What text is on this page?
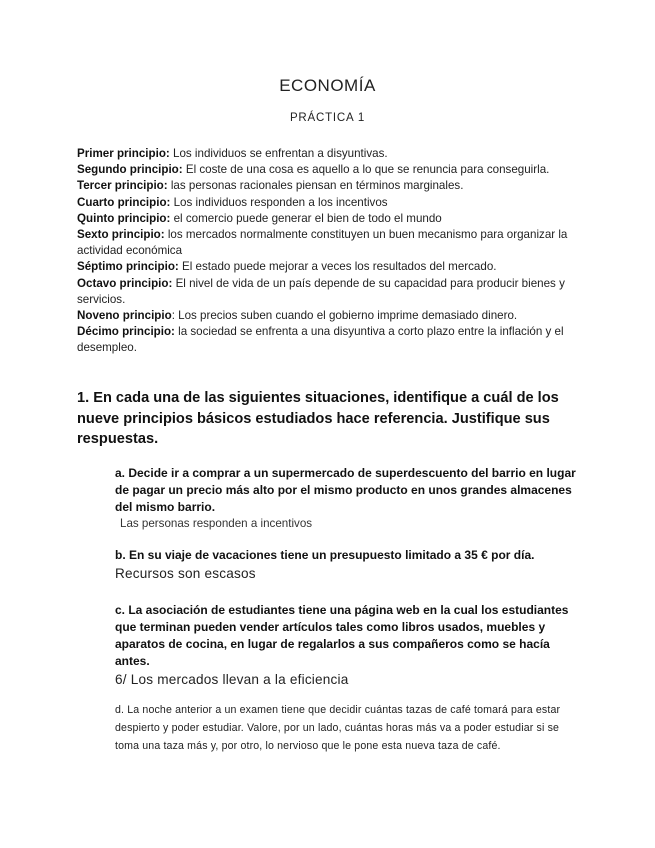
ECONOMÍA
PRÁCTICA 1
Primer principio: Los individuos se enfrentan a disyuntivas.
Segundo principio: El coste de una cosa es aquello a lo que se renuncia para conseguirla.
Tercer principio: las personas racionales piensan en términos marginales.
Cuarto principio: Los individuos responden a los incentivos
Quinto principio: el comercio puede generar el bien de todo el mundo
Sexto principio: los mercados normalmente constituyen un buen mecanismo para organizar la actividad económica
Séptimo principio: El estado puede mejorar a veces los resultados del mercado.
Octavo principio: El nivel de vida de un país depende de su capacidad para producir bienes y servicios.
Noveno principio: Los precios suben cuando el gobierno imprime demasiado dinero.
Décimo principio: la sociedad se enfrenta a una disyuntiva a corto plazo entre la inflación y el desempleo.
1. En cada una de las siguientes situaciones, identifique a cuál de los nueve principios básicos estudiados hace referencia. Justifique sus respuestas.
a. Decide ir a comprar a un supermercado de superdescuento del barrio en lugar de pagar un precio más alto por el mismo producto en unos grandes almacenes del mismo barrio.
Las personas responden a incentivos
b. En su viaje de vacaciones tiene un presupuesto limitado a 35 € por día.
Recursos son escasos
c. La asociación de estudiantes tiene una página web en la cual los estudiantes que terminan pueden vender artículos tales como libros usados, muebles y aparatos de cocina, en lugar de regalarlos a sus compañeros como se hacía antes.
6/ Los mercados llevan a la eficiencia
d. La noche anterior a un examen tiene que decidir cuántas tazas de café tomará para estar despierto y poder estudiar. Valore, por un lado, cuántas horas más va a poder estudiar si se toma una taza más y, por otro, lo nervioso que le pone esta nueva taza de café.
